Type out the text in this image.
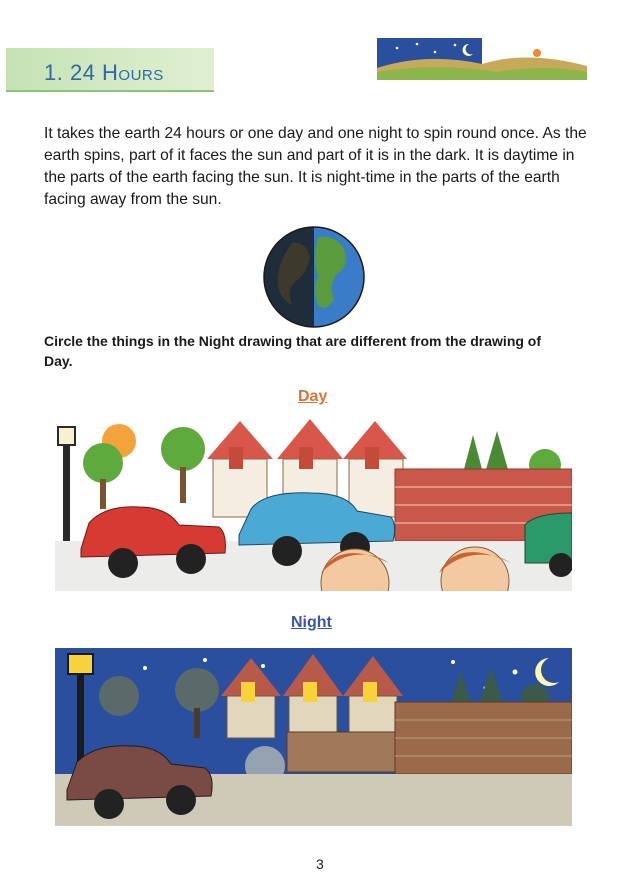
1. 24 Hours

It takes the earth 24 hours or one day and one night to spin round once. As the earth spins, part of it faces the sun and part of it is in the dark. It is daytime in the parts of the earth facing the sun. It is night-time in the parts of the earth facing away from the sun.

Circle the things in the Night drawing that are different from the drawing of Day.

Day
Night
3
